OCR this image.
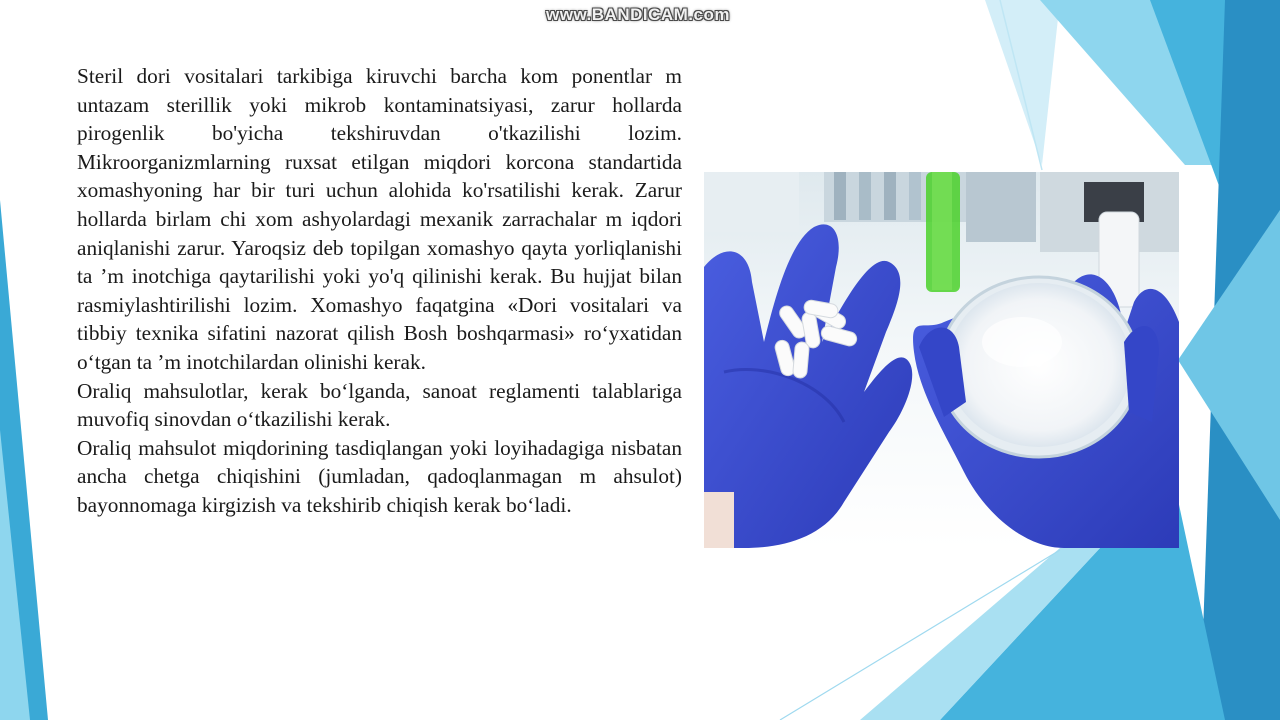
www.BANDICAM.com

Steril dori vositalari tarkibiga kiruvchi barcha kom ponentlar m untazam sterillik yoki mikrob kontaminatsiyasi, zarur hollarda pirogenlik bo'yicha tekshiruvdan o'tkazilishi lozim. Mikroorganizmlarning ruxsat etilgan miqdori korcona standartida xomashyoning har bir turi uchun alohida ko'rsatilishi kerak. Zarur hollarda birlam chi xom ashyolardagi mexanik zarrachalar m iqdori aniqlanishi zarur. Yaroqsiz deb topilgan xomashyo qayta yorliqlanishi ta ’m inotchiga qaytarilishi yoki yo'q qilinishi kerak. Bu hujjat bilan rasmiylashtirilishi lozim. Xomashyo faqatgina «Dori vositalari va tibbiy texnika sifatini nazorat qilish Bosh boshqarmasi» ro‘yxatidan o‘tgan ta ’m inotchilardan olinishi kerak.

Oraliq mahsulotlar, kerak bo‘lganda, sanoat reglamenti talablariga muvofiq sinovdan o‘tkazilishi kerak.

Oraliq mahsulot miqdorining tasdiqlangan yoki loyihadagiga nisbatan ancha chetga chiqishini (jumladan, qadoqlanmagan m ahsulot) bayonnomaga kirgizish va tekshirib chiqish kerak bo‘ladi.
